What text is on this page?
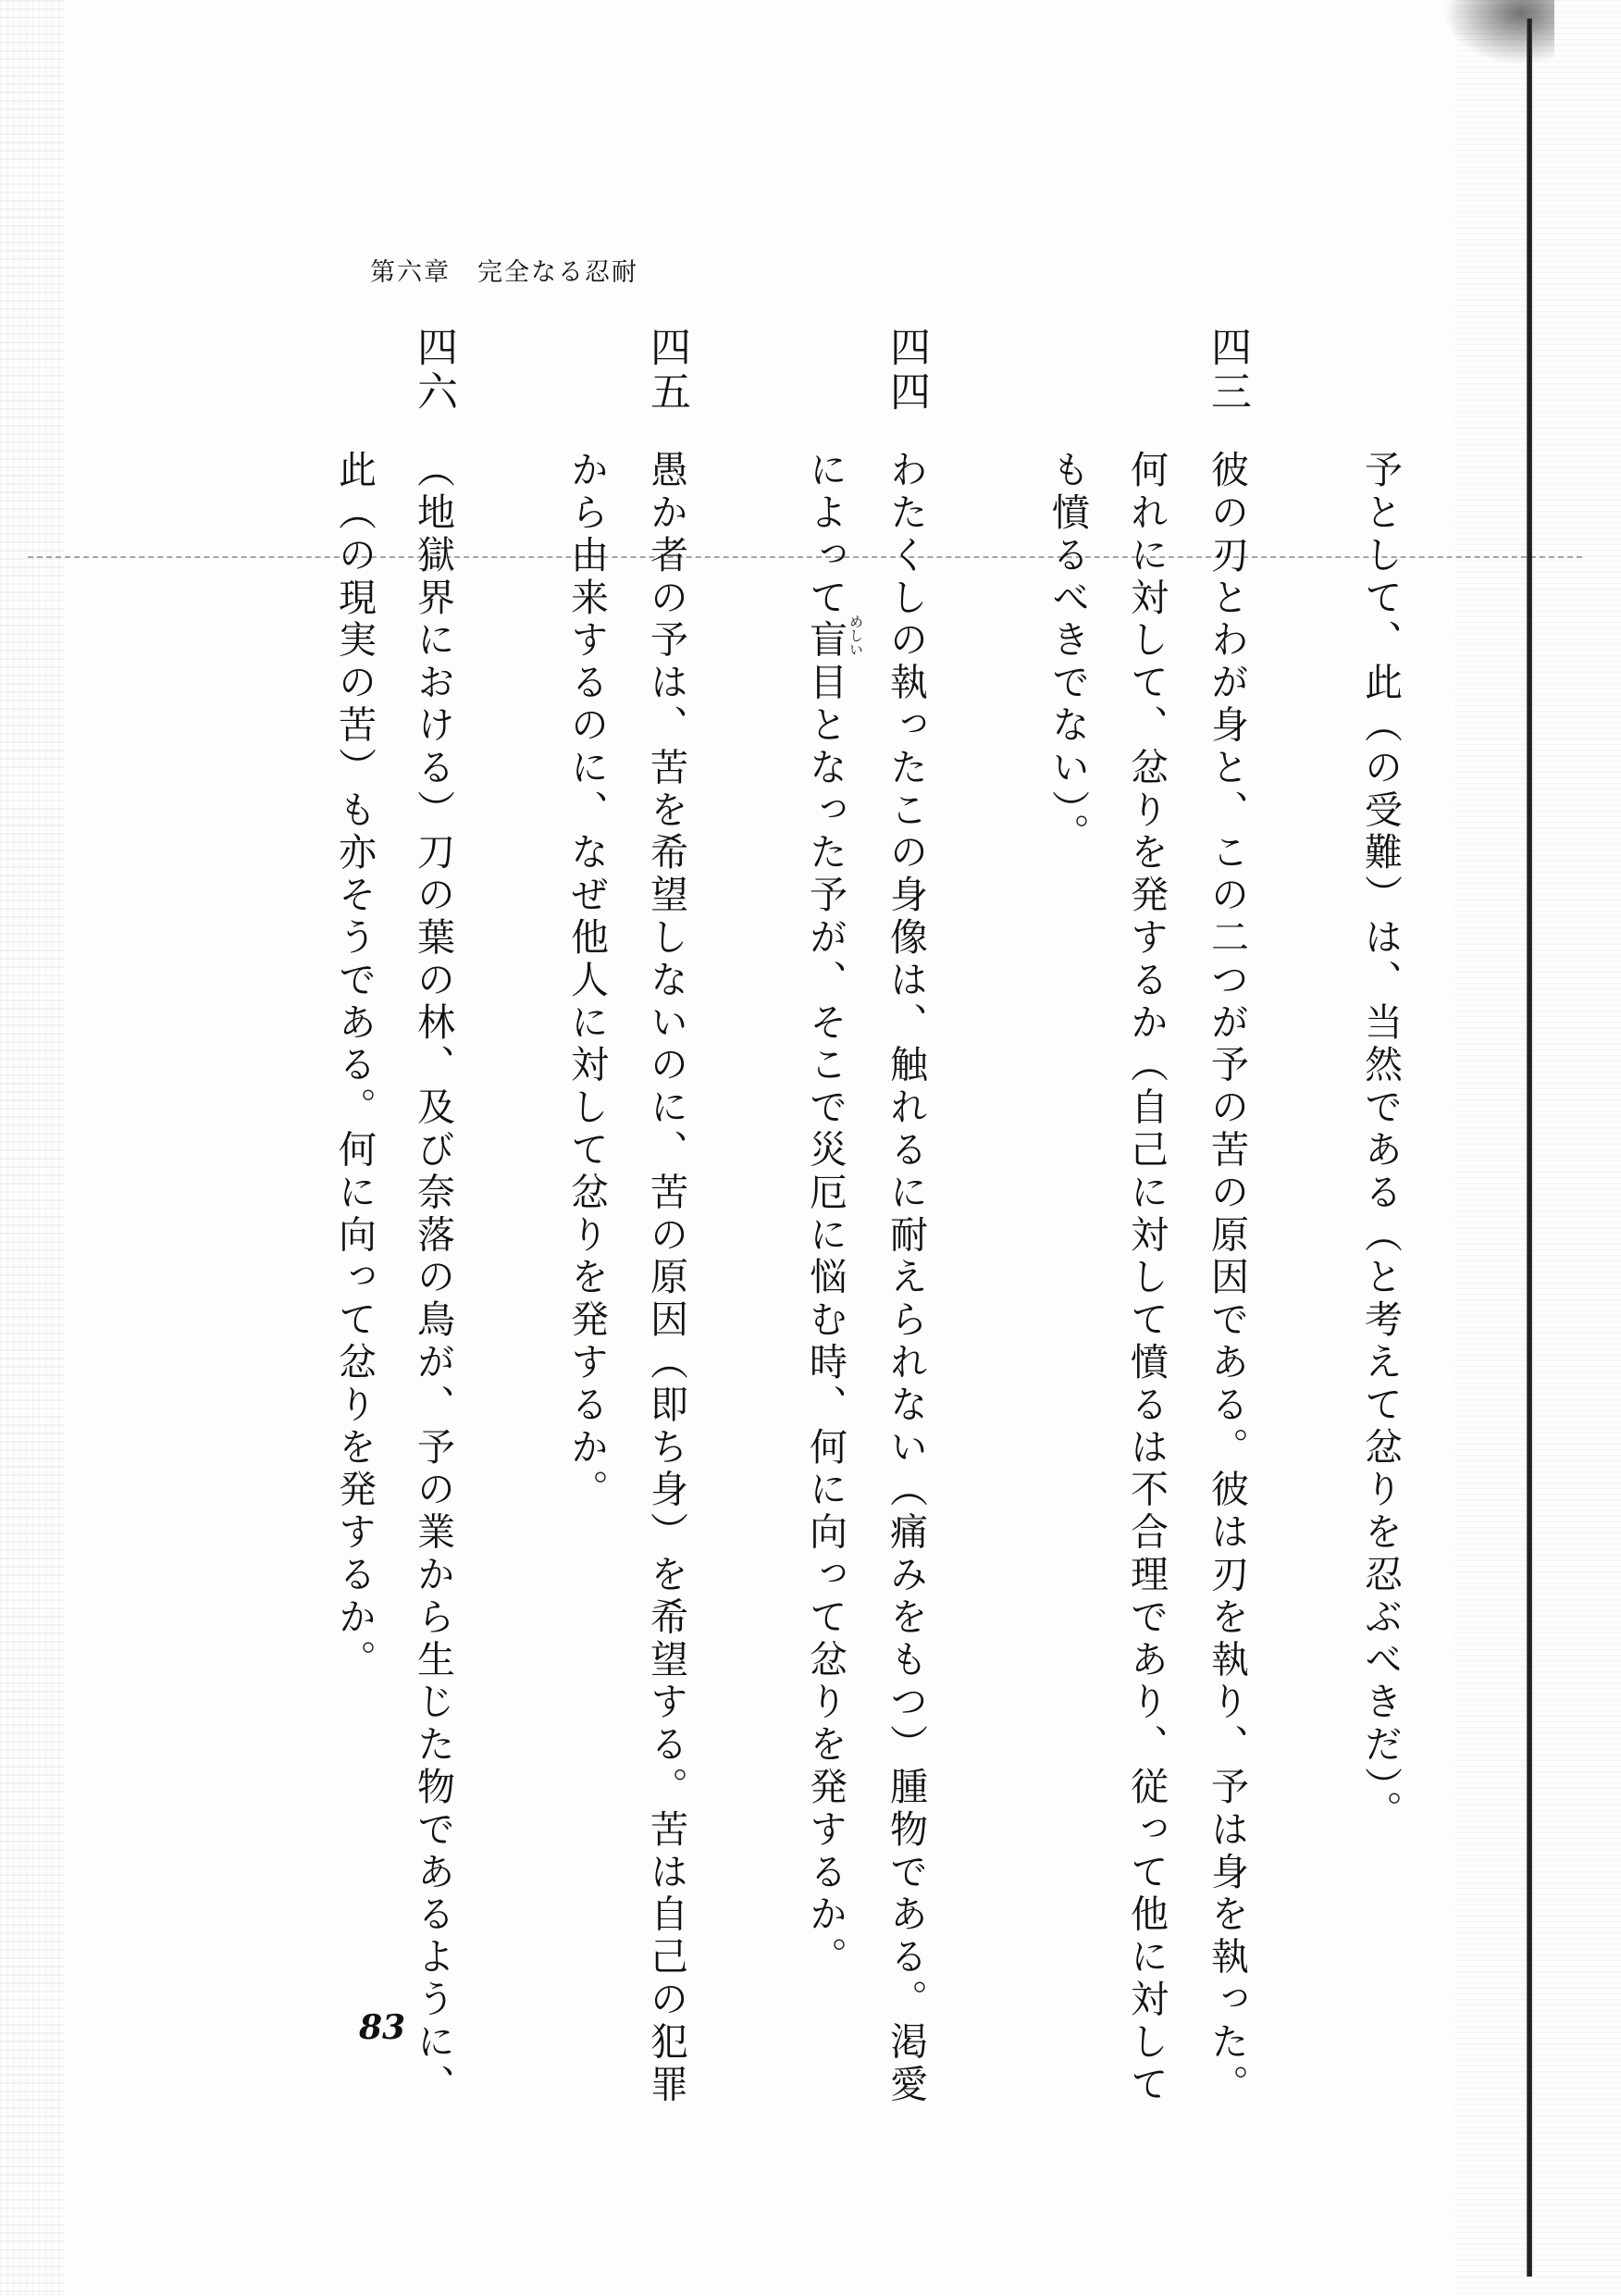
第六章　完全なる忍耐
四三
四四
四五
四六
予として、此（の受難）は、当然である（と考えて忿りを忍ぶべきだ）。
彼の刃とわが身と、この二つが予の苦の原因である。彼は刃を執り、予は身を執った。
何れに対して、忿りを発するか（自己に対して憤るは不合理であり、従って他に対して
も憤るべきでない）。
わたくしの執ったこの身像は、触れるに耐えられない（痛みをもつ）腫物である。渇愛
によって盲目となった予が、そこで災厄に悩む時、何に向って忿りを発するか。 めしい
愚か者の予は、苦を希望しないのに、苦の原因（即ち身）を希望する。苦は自己の犯罪
から由来するのに、なぜ他人に対して忿りを発するか。
（地獄界における）刀の葉の林、及び奈落の鳥が、予の業から生じた物であるように、
此（の現実の苦）も亦そうである。何に向って忿りを発するか。
83
